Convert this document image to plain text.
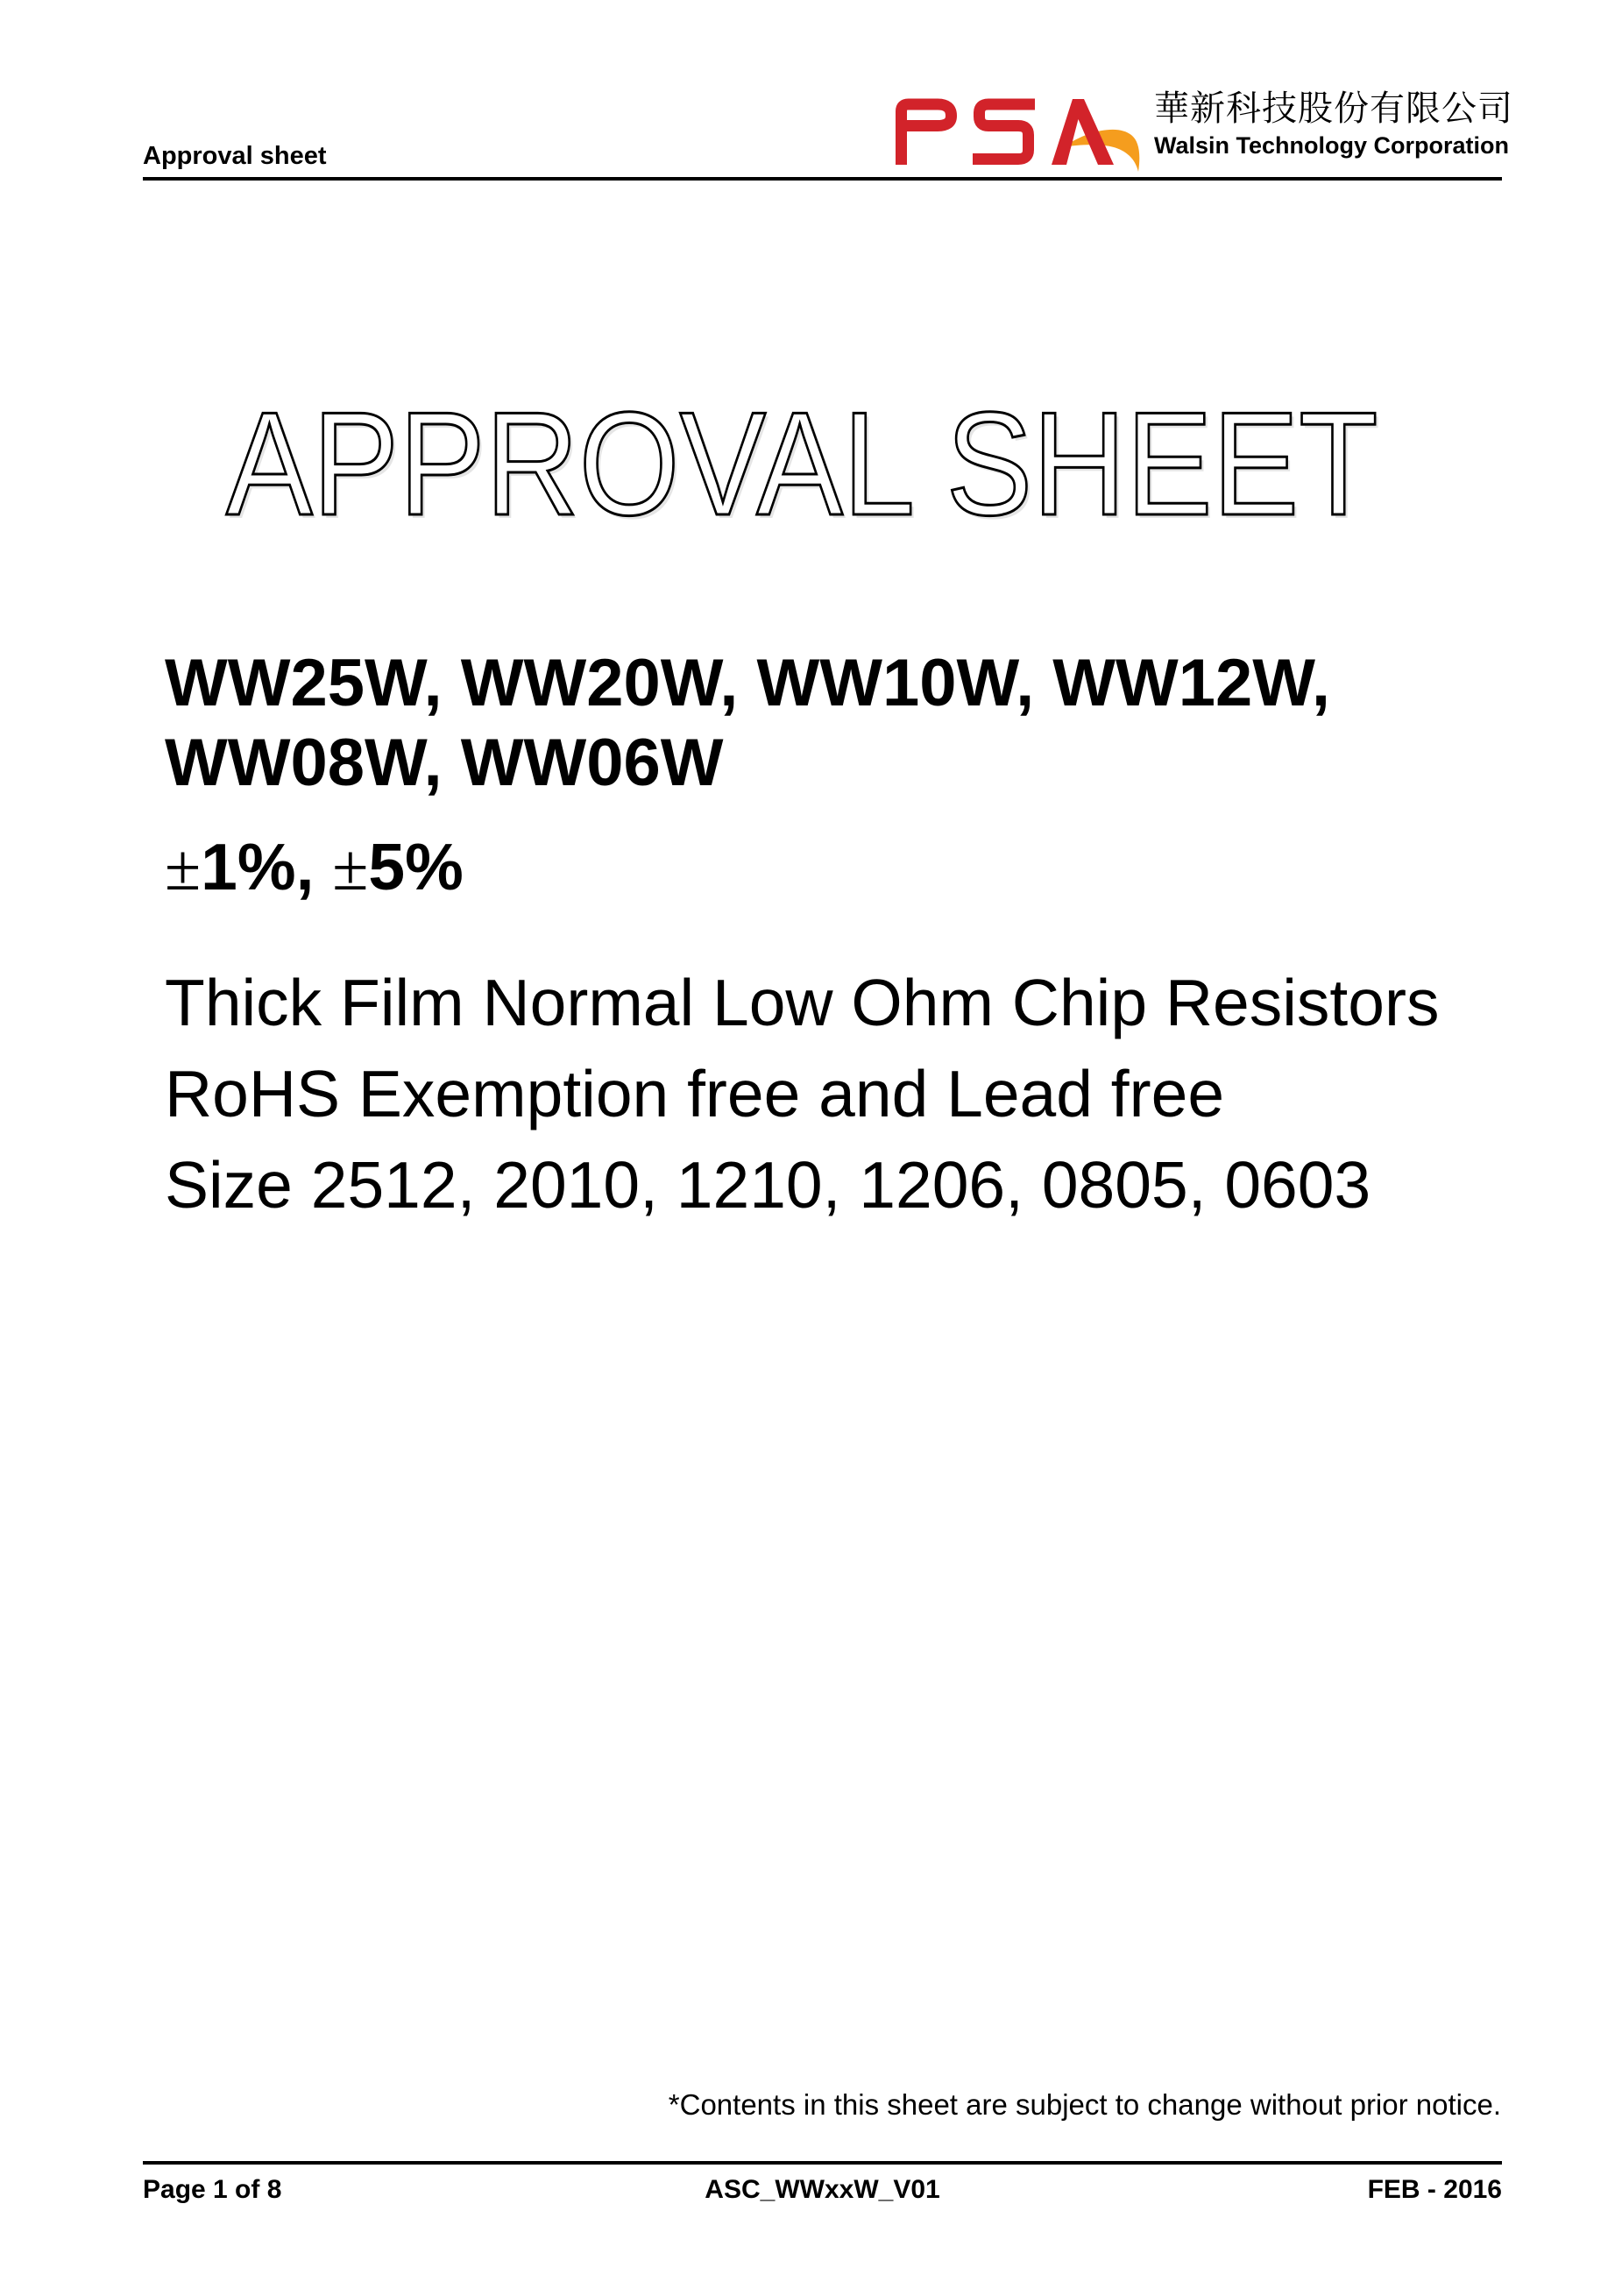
Approval sheet
華新科技股份有限公司
Walsin Technology Corporation
APPROVAL SHEET
WW25W, WW20W, WW10W, WW12W,
WW08W, WW06W
±1%, ±5%
Thick Film Normal Low Ohm Chip Resistors
RoHS Exemption free and Lead free
Size 2512, 2010, 1210, 1206, 0805, 0603
*Contents in this sheet are subject to change without prior notice.
Page 1 of 8	ASC_WWxxW_V01	FEB - 2016
